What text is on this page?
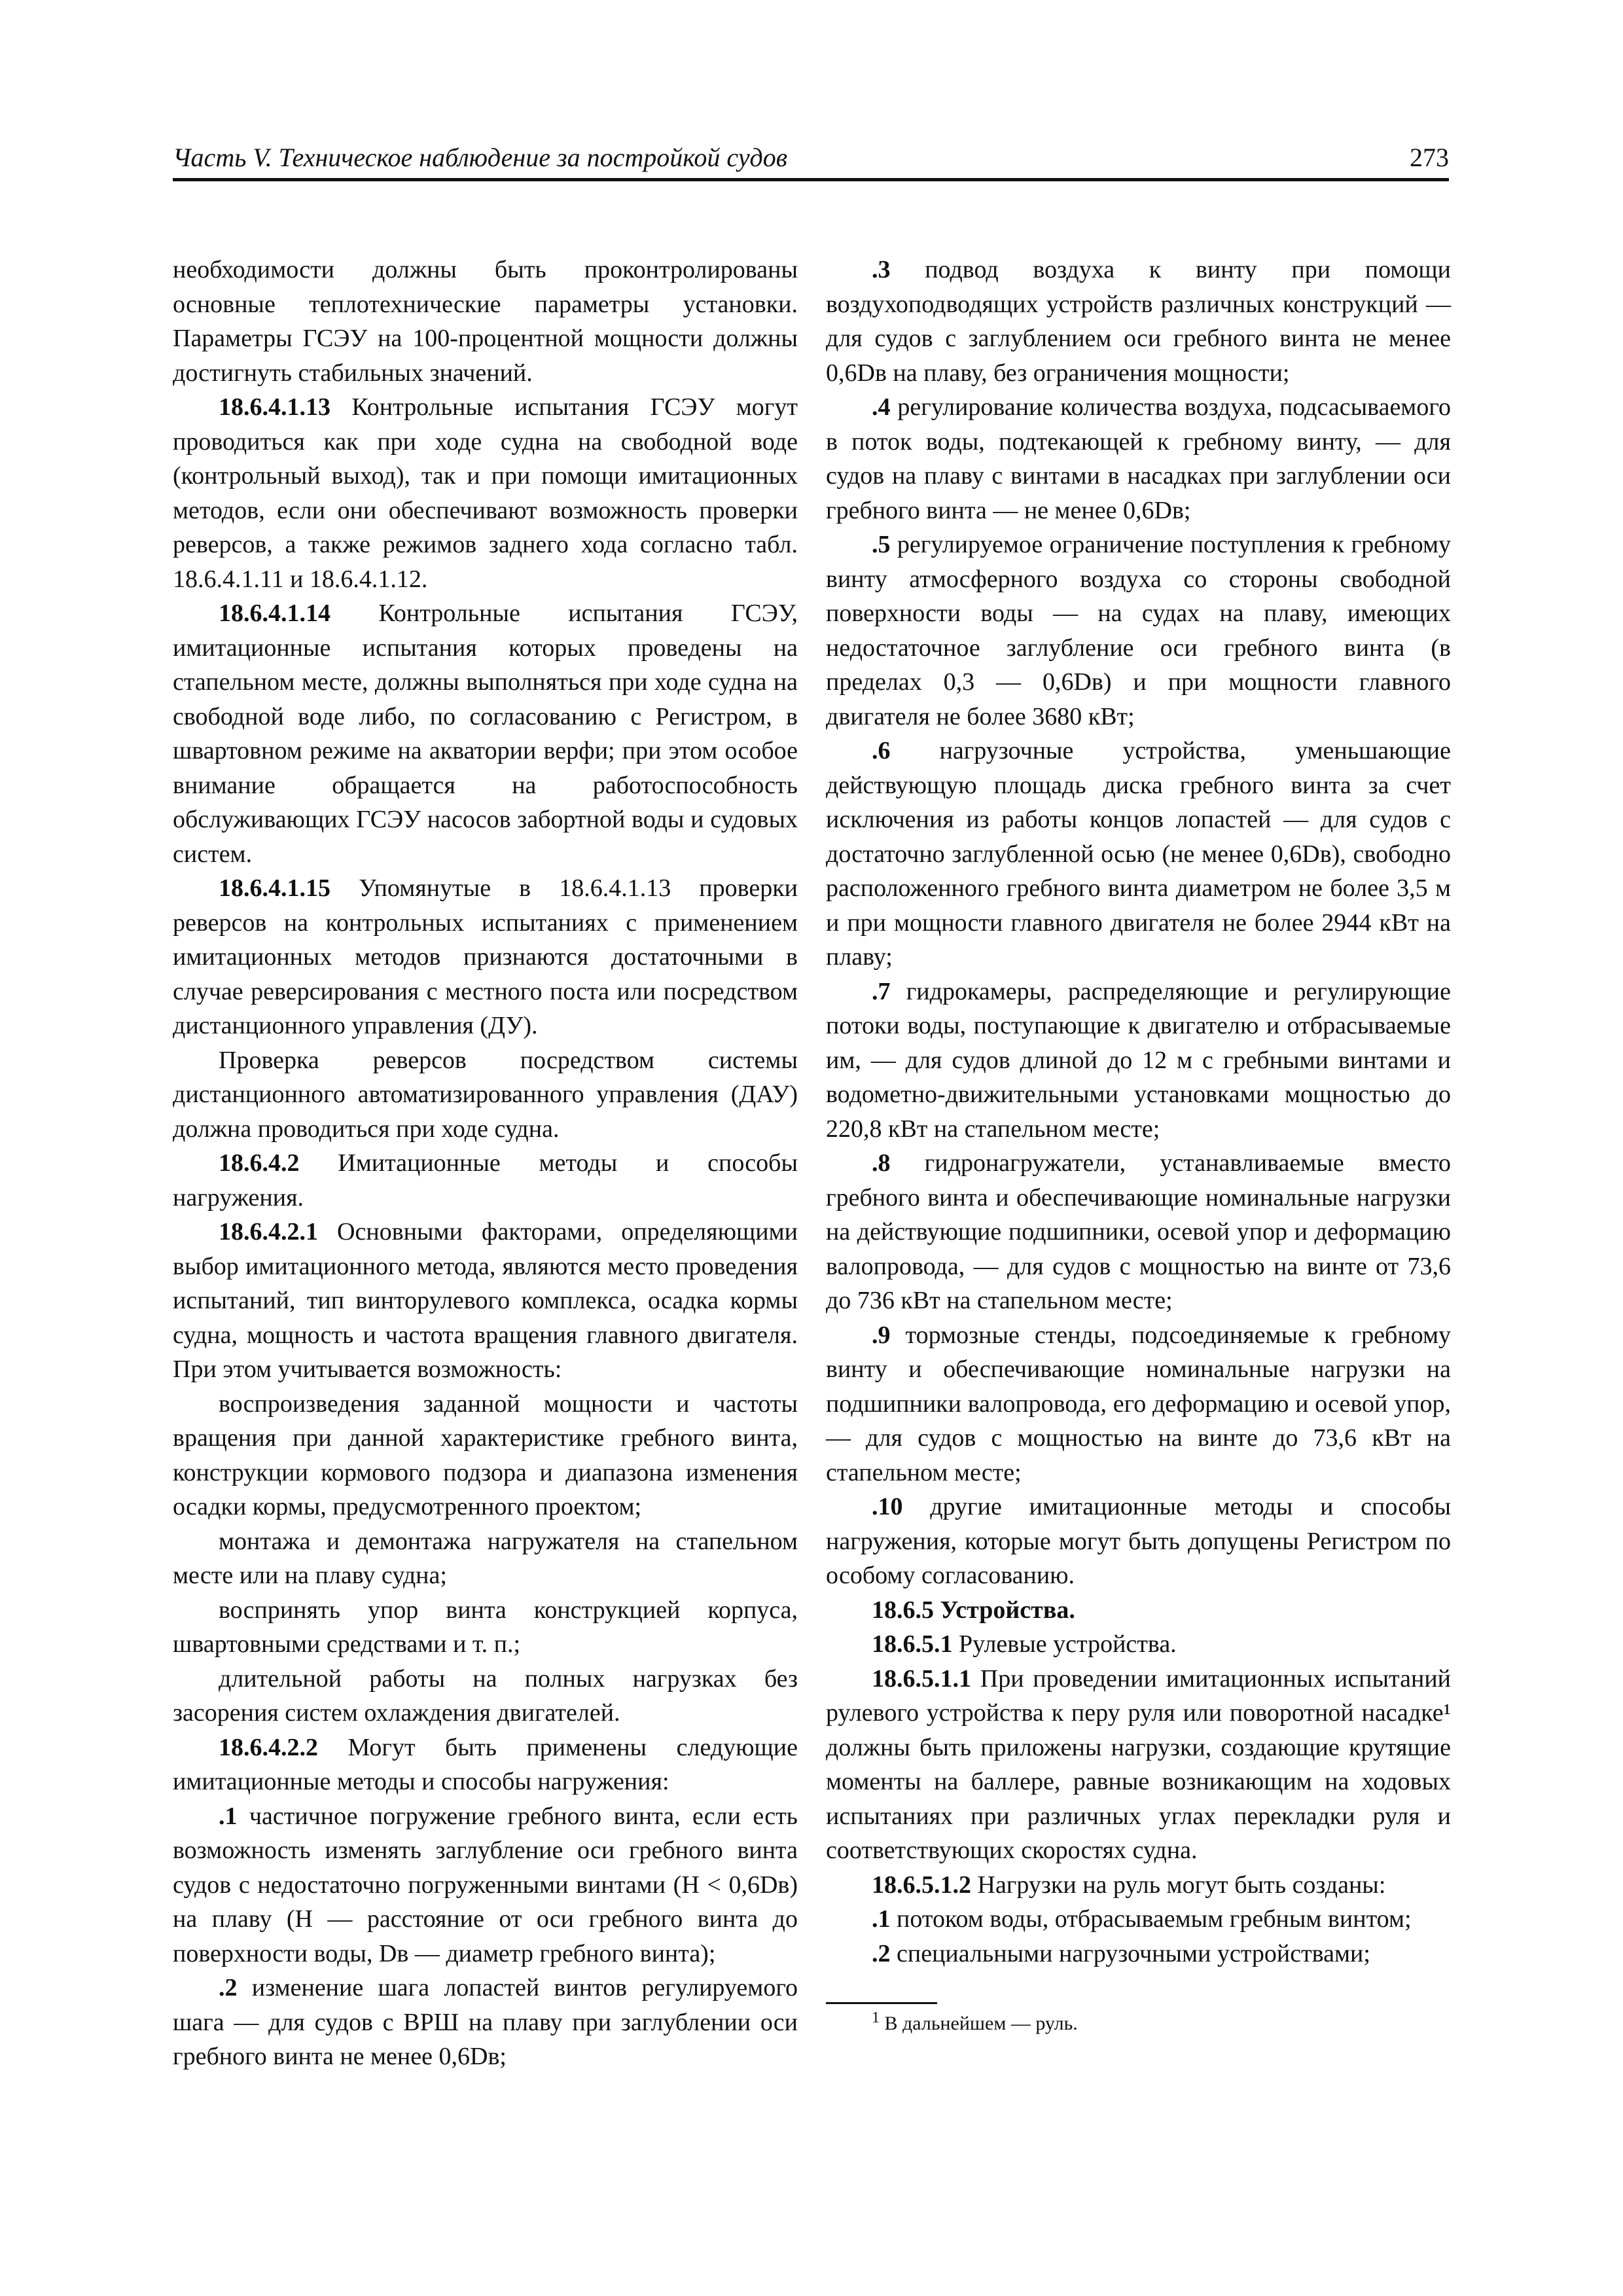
Часть V. Техническое наблюдение за постройкой судов	273

необходимости должны быть проконтролированы основные теплотехнические параметры установки. Параметры ГСЭУ на 100-процентной мощности должны достигнуть стабильных значений.

18.6.4.1.13 Контрольные испытания ГСЭУ могут проводиться как при ходе судна на свободной воде (контрольный выход), так и при помощи имитационных методов, если они обеспечивают возможность проверки реверсов, а также режимов заднего хода согласно табл. 18.6.4.1.11 и 18.6.4.1.12.

18.6.4.1.14 Контрольные испытания ГСЭУ, имитационные испытания которых проведены на стапельном месте, должны выполняться при ходе судна на свободной воде либо, по согласованию с Регистром, в швартовном режиме на акватории верфи; при этом особое внимание обращается на работоспособность обслуживающих ГСЭУ насосов забортной воды и судовых систем.

18.6.4.1.15 Упомянутые в 18.6.4.1.13 проверки реверсов на контрольных испытаниях с применением имитационных методов признаются достаточными в случае реверсирования с местного поста или посредством дистанционного управления (ДУ).

Проверка реверсов посредством системы дистанционного автоматизированного управления (ДАУ) должна проводиться при ходе судна.

18.6.4.2 Имитационные методы и способы нагружения.

18.6.4.2.1 Основными факторами, определяющими выбор имитационного метода, являются место проведения испытаний, тип винторулевого комплекса, осадка кормы судна, мощность и частота вращения главного двигателя. При этом учитывается возможность:

воспроизведения заданной мощности и частоты вращения при данной характеристике гребного винта, конструкции кормового подзора и диапазона изменения осадки кормы, предусмотренного проектом;

монтажа и демонтажа нагружателя на стапельном месте или на плаву судна;

воспринять упор винта конструкцией корпуса, швартовными средствами и т. п.;

длительной работы на полных нагрузках без засорения систем охлаждения двигателей.

18.6.4.2.2 Могут быть применены следующие имитационные методы и способы нагружения:

.1 частичное погружение гребного винта, если есть возможность изменять заглубление оси гребного винта судов с недостаточно погруженными винтами (H < 0,6Dв) на плаву (H — расстояние от оси гребного винта до поверхности воды, Dв — диаметр гребного винта);

.2 изменение шага лопастей винтов регулируемого шага — для судов с ВРШ на плаву при заглублении оси гребного винта не менее 0,6Dв;

.3 подвод воздуха к винту при помощи воздухоподводящих устройств различных конструкций — для судов с заглублением оси гребного винта не менее 0,6Dв на плаву, без ограничения мощности;

.4 регулирование количества воздуха, подсасываемого в поток воды, подтекающей к гребному винту, — для судов на плаву с винтами в насадках при заглублении оси гребного винта — не менее 0,6Dв;

.5 регулируемое ограничение поступления к гребному винту атмосферного воздуха со стороны свободной поверхности воды — на судах на плаву, имеющих недостаточное заглубление оси гребного винта (в пределах 0,3 — 0,6Dв) и при мощности главного двигателя не более 3680 кВт;

.6 нагрузочные устройства, уменьшающие действующую площадь диска гребного винта за счет исключения из работы концов лопастей — для судов с достаточно заглубленной осью (не менее 0,6Dв), свободно расположенного гребного винта диаметром не более 3,5 м и при мощности главного двигателя не более 2944 кВт на плаву;

.7 гидрокамеры, распределяющие и регулирующие потоки воды, поступающие к двигателю и отбрасываемые им, — для судов длиной до 12 м с гребными винтами и водометно-движительными установками мощностью до 220,8 кВт на стапельном месте;

.8 гидронагружатели, устанавливаемые вместо гребного винта и обеспечивающие номинальные нагрузки на действующие подшипники, осевой упор и деформацию валопровода, — для судов с мощностью на винте от 73,6 до 736 кВт на стапельном месте;

.9 тормозные стенды, подсоединяемые к гребному винту и обеспечивающие номинальные нагрузки на подшипники валопровода, его деформацию и осевой упор, — для судов с мощностью на винте до 73,6 кВт на стапельном месте;

.10 другие имитационные методы и способы нагружения, которые могут быть допущены Регистром по особому согласованию.

18.6.5 Устройства.

18.6.5.1 Рулевые устройства.

18.6.5.1.1 При проведении имитационных испытаний рулевого устройства к перу руля или поворотной насадке¹ должны быть приложены нагрузки, создающие крутящие моменты на баллере, равные возникающим на ходовых испытаниях при различных углах перекладки руля и соответствующих скоростях судна.

18.6.5.1.2 Нагрузки на руль могут быть созданы:

.1 потоком воды, отбрасываемым гребным винтом;

.2 специальными нагрузочными устройствами;

$^1$ В дальнейшем — руль.
